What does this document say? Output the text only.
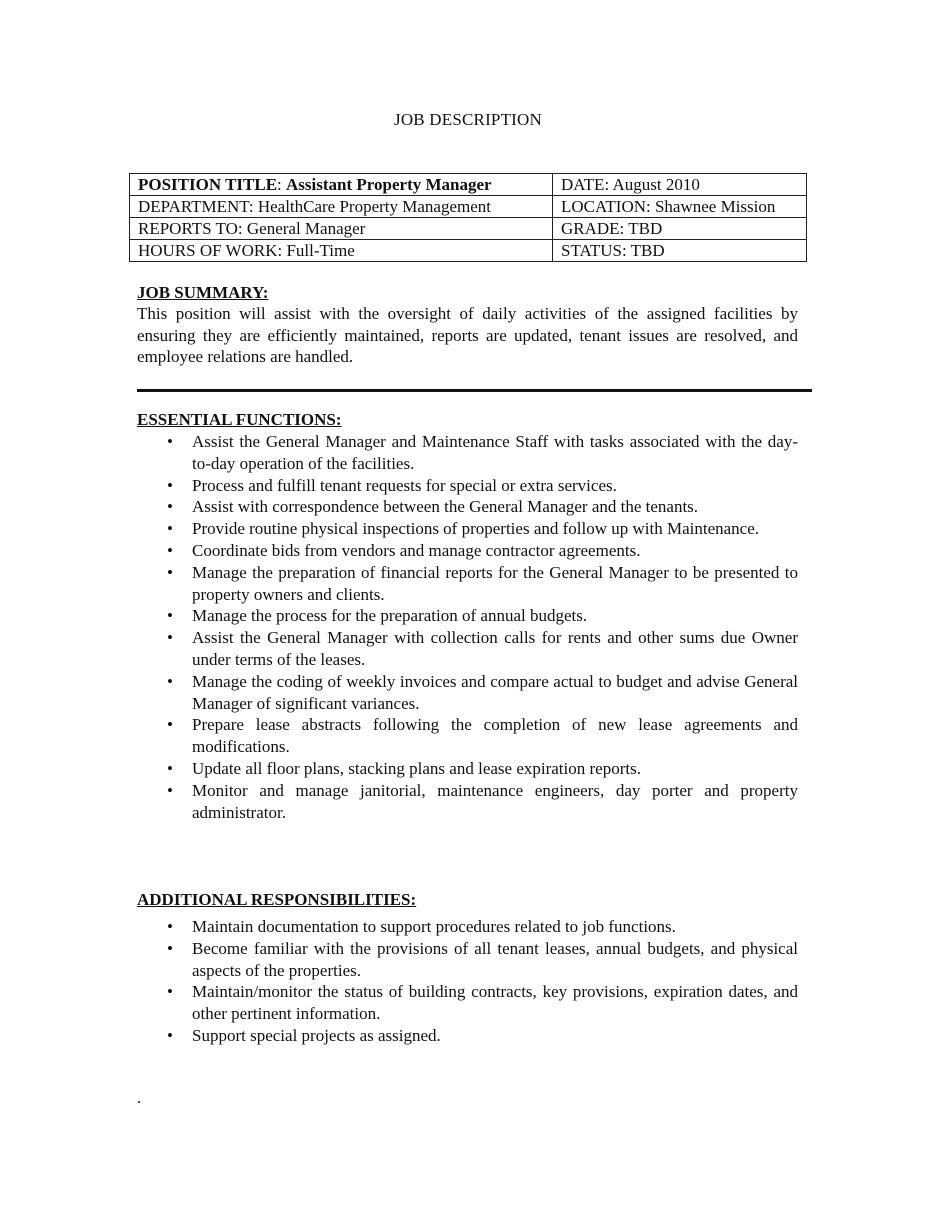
JOB DESCRIPTION
POSITION TITLE: Assistant Property Manager	DATE: August 2010
DEPARTMENT: HealthCare Property Management	LOCATION: Shawnee Mission
REPORTS TO: General Manager	GRADE: TBD
HOURS OF WORK: Full-Time	STATUS: TBD
JOB SUMMARY:
This position will assist with the oversight of daily activities of the assigned facilities by ensuring they are efficiently maintained, reports are updated, tenant issues are resolved, and employee relations are handled.
ESSENTIAL FUNCTIONS:
• Assist the General Manager and Maintenance Staff with tasks associated with the day-to-day operation of the facilities.
• Process and fulfill tenant requests for special or extra services.
• Assist with correspondence between the General Manager and the tenants.
• Provide routine physical inspections of properties and follow up with Maintenance.
• Coordinate bids from vendors and manage contractor agreements.
• Manage the preparation of financial reports for the General Manager to be presented to property owners and clients.
• Manage the process for the preparation of annual budgets.
• Assist the General Manager with collection calls for rents and other sums due Owner under terms of the leases.
• Manage the coding of weekly invoices and compare actual to budget and advise General Manager of significant variances.
• Prepare lease abstracts following the completion of new lease agreements and modifications.
• Update all floor plans, stacking plans and lease expiration reports.
• Monitor and manage janitorial, maintenance engineers, day porter and property administrator.
ADDITIONAL RESPONSIBILITIES:
• Maintain documentation to support procedures related to job functions.
• Become familiar with the provisions of all tenant leases, annual budgets, and physical aspects of the properties.
• Maintain/monitor the status of building contracts, key provisions, expiration dates, and other pertinent information.
• Support special projects as assigned.
.
